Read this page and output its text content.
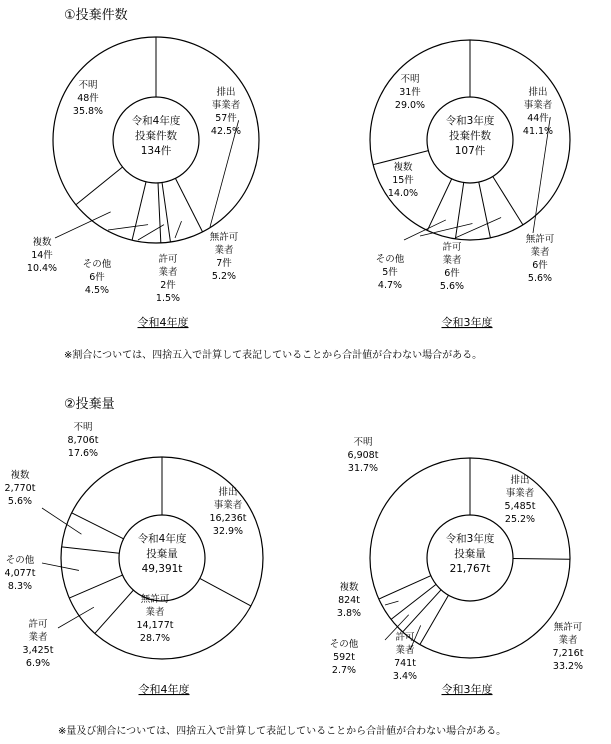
①投棄件数
※割合については、四捨五入で計算して表記していることから合計値が合わない場合がある。
②投棄量
※量及び割合については、四捨五入で計算して表記していることから合計値が合わない場合がある。
令和4年度
投棄件数
134件
排出
事業者
57件
42.5%
無許可
業者
7件
5.2%
許可
業者
2件
1.5%
その他
6件
4.5%
複数
14件
10.4%
不明
48件
35.8%
令和4年度
令和3年度
投棄件数
107件
排出
事業者
44件
41.1%
無許可
業者
6件
5.6%
許可
業者
6件
5.6%
その他
5件
4.7%
複数
15件
14.0%
不明
31件
29.0%
令和3年度
令和4年度
投棄量
49,391t
排出
事業者
16,236t
32.9%
無許可
業者
14,177t
28.7%
許可
業者
3,425t
6.9%
その他
4,077t
8.3%
複数
2,770t
5.6%
不明
8,706t
17.6%
令和4年度
令和3年度
投棄量
21,767t
排出
事業者
5,485t
25.2%
無許可
業者
7,216t
33.2%
許可
業者
741t
3.4%
その他
592t
2.7%
複数
824t
3.8%
不明
6,908t
31.7%
令和3年度
